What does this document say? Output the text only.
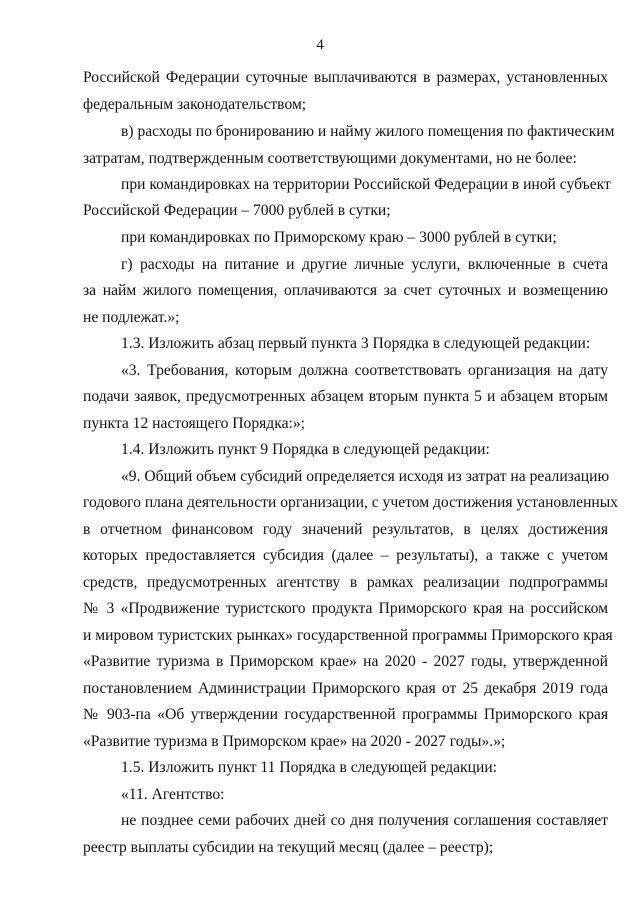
4
Российской Федерации суточные выплачиваются в размерах, установленных
федеральным законодательством;
в) расходы по бронированию и найму жилого помещения по фактическим
затратам, подтвержденным соответствующими документами, но не более:
при командировках на территории Российской Федерации в иной субъект
Российской Федерации – 7000 рублей в сутки;
при командировках по Приморскому краю – 3000 рублей в сутки;
г) расходы на питание и другие личные услуги, включенные в счета
за найм жилого помещения, оплачиваются за счет суточных и возмещению
не подлежат.»;
1.3. Изложить абзац первый пункта 3 Порядка в следующей редакции:
«3. Требования, которым должна соответствовать организация на дату
подачи заявок, предусмотренных абзацем вторым пункта 5 и абзацем вторым
пункта 12 настоящего Порядка:»;
1.4. Изложить пункт 9 Порядка в следующей редакции:
«9. Общий объем субсидий определяется исходя из затрат на реализацию
годового плана деятельности организации, с учетом достижения установленных
в отчетном финансовом году значений результатов, в целях достижения
которых предоставляется субсидия (далее – результаты), а также с учетом
средств, предусмотренных агентству в рамках реализации подпрограммы
№ 3 «Продвижение туристского продукта Приморского края на российском
и мировом туристских рынках» государственной программы Приморского края
«Развитие туризма в Приморском крае» на 2020 - 2027 годы, утвержденной
постановлением Администрации Приморского края от 25 декабря 2019 года
№ 903-па «Об утверждении государственной программы Приморского края
«Развитие туризма в Приморском крае» на 2020 - 2027 годы».»;
1.5. Изложить пункт 11 Порядка в следующей редакции:
«11. Агентство:
не позднее семи рабочих дней со дня получения соглашения составляет
реестр выплаты субсидии на текущий месяц (далее – реестр);
